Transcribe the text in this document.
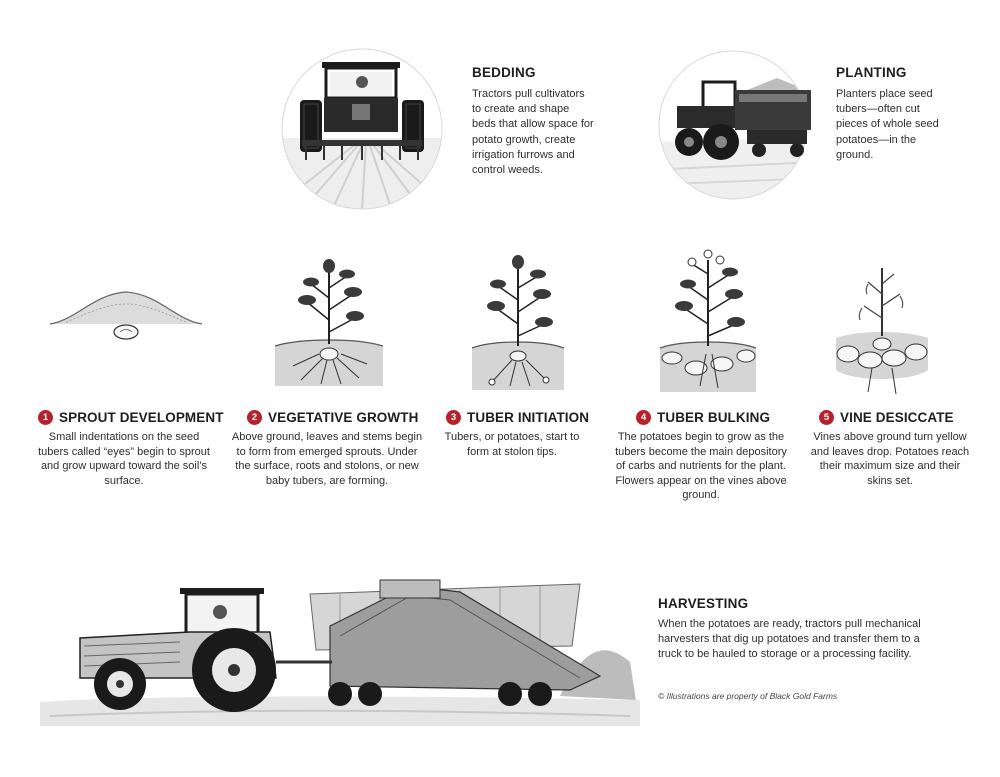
BEDDING
Tractors pull cultivators to create and shape beds that allow space for potato growth, create irrigation furrows and control weeds.
PLANTING
Planters place seed tubers—often cut pieces of whole seed potatoes—in the ground.
1 SPROUT DEVELOPMENT
Small indentations on the seed tubers called “eyes” begin to sprout and grow upward toward the soil’s surface.
2 VEGETATIVE GROWTH
Above ground, leaves and stems begin to form from emerged sprouts. Under the surface, roots and stolons, or new baby tubers, are forming.
3 TUBER INITIATION
Tubers, or potatoes, start to form at stolon tips.
4 TUBER BULKING
The potatoes begin to grow as the tubers become the main depository of carbs and nutrients for the plant. Flowers appear on the vines above ground.
5 VINE DESICCATE
Vines above ground turn yellow and leaves drop. Potatoes reach their maximum size and their skins set.
HARVESTING
When the potatoes are ready, tractors pull mechanical harvesters that dig up potatoes and transfer them to a truck to be hauled to storage or a processing facility.
© Illustrations are property of Black Gold Farms
